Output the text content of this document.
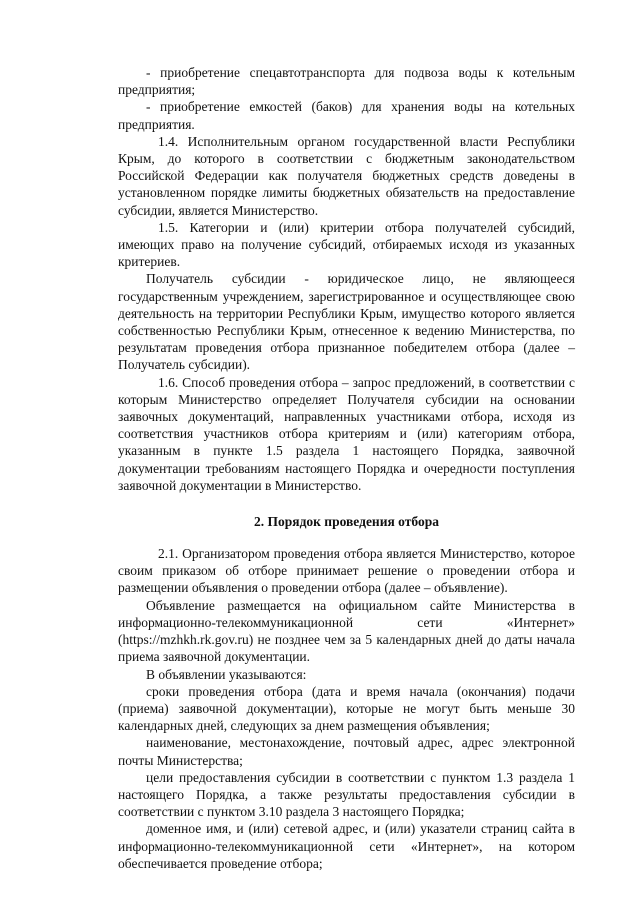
- приобретение спецавтотранспорта для подвоза воды к котельным предприятия;

- приобретение емкостей (баков) для хранения воды на котельных предприятия.

1.4. Исполнительным органом государственной власти Республики Крым, до которого в соответствии с бюджетным законодательством Российской Федерации как получателя бюджетных средств доведены в установленном порядке лимиты бюджетных обязательств на предоставление субсидии, является Министерство.

1.5. Категории и (или) критерии отбора получателей субсидий, имеющих право на получение субсидий, отбираемых исходя из указанных критериев.

Получатель субсидии - юридическое лицо, не являющееся государственным учреждением, зарегистрированное и осуществляющее свою деятельность на территории Республики Крым, имущество которого является собственностью Республики Крым, отнесенное к ведению Министерства, по результатам проведения отбора признанное победителем отбора (далее – Получатель субсидии).

1.6. Способ проведения отбора – запрос предложений, в соответствии с которым Министерство определяет Получателя субсидии на основании заявочных документаций, направленных участниками отбора, исходя из соответствия участников отбора критериям и (или) категориям отбора, указанным в пункте 1.5 раздела 1 настоящего Порядка, заявочной документации требованиям настоящего Порядка и очередности поступления заявочной документации в Министерство.

2. Порядок проведения отбора

2.1. Организатором проведения отбора является Министерство, которое своим приказом об отборе принимает решение о проведении отбора и размещении объявления о проведении отбора (далее – объявление).

Объявление размещается на официальном сайте Министерства в информационно-телекоммуникационной сети «Интернет» (https://mzhkh.rk.gov.ru) не позднее чем за 5 календарных дней до даты начала приема заявочной документации.

В объявлении указываются:

сроки проведения отбора (дата и время начала (окончания) подачи (приема) заявочной документации), которые не могут быть меньше 30 календарных дней, следующих за днем размещения объявления;

наименование, местонахождение, почтовый адрес, адрес электронной почты Министерства;

цели предоставления субсидии в соответствии с пунктом 1.3 раздела 1 настоящего Порядка, а также результаты предоставления субсидии в соответствии с пунктом 3.10 раздела 3 настоящего Порядка;

доменное имя, и (или) сетевой адрес, и (или) указатели страниц сайта в информационно-телекоммуникационной сети «Интернет», на котором обеспечивается проведение отбора;
